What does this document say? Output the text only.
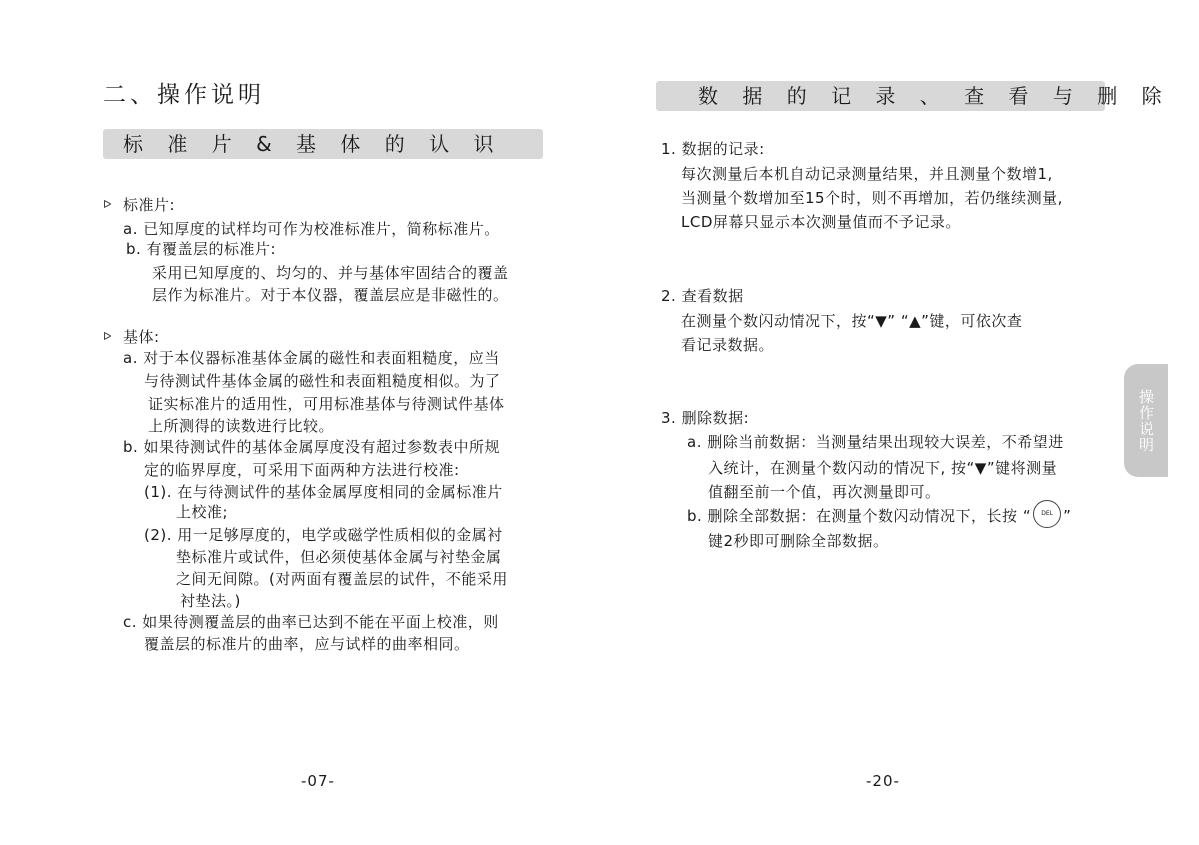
二、操作说明
标 准 片 & 基 体 的 认 识
ᐅ 标准片:
a. 已知厚度的试样均可作为校准标准片，简称标准片。
b. 有覆盖层的标准片:
采用已知厚度的、均匀的、并与基体牢固结合的覆盖
层作为标准片。对于本仪器，覆盖层应是非磁性的。
ᐅ 基体:
a. 对于本仪器标准基体金属的磁性和表面粗糙度，应当
与待测试件基体金属的磁性和表面粗糙度相似。为了
证实标准片的适用性，可用标准基体与待测试件基体
上所测得的读数进行比较。
b. 如果待测试件的基体金属厚度没有超过参数表中所规
定的临界厚度，可采用下面两种方法进行校准:
(1). 在与待测试件的基体金属厚度相同的金属标准片
上校准;
(2). 用一足够厚度的，电学或磁学性质相似的金属衬
垫标准片或试件，但必须使基体金属与衬垫金属
之间无间隙。(对两面有覆盖层的试件，不能采用
衬垫法。)
c. 如果待测覆盖层的曲率已达到不能在平面上校准，则
覆盖层的标准片的曲率，应与试样的曲率相同。
-07-
数 据 的 记 录 、 查 看 与 删 除
1. 数据的记录:
每次测量后本机自动记录测量结果，并且测量个数增1,
当测量个数增加至15个时，则不再增加，若仍继续测量,
LCD屏幕只显示本次测量值而不予记录。
2. 查看数据
在测量个数闪动情况下，按“▼” “▲”键，可依次查
看记录数据。
3. 删除数据:
a. 删除当前数据：当测量结果出现较大误差，不希望进
入统计，在测量个数闪动的情况下, 按“▼”键将测量
值翻至前一个值，再次测量即可。
b. 删除全部数据：在测量个数闪动情况下，长按 “ DEL ”
键2秒即可删除全部数据。
操作说明
-20-
